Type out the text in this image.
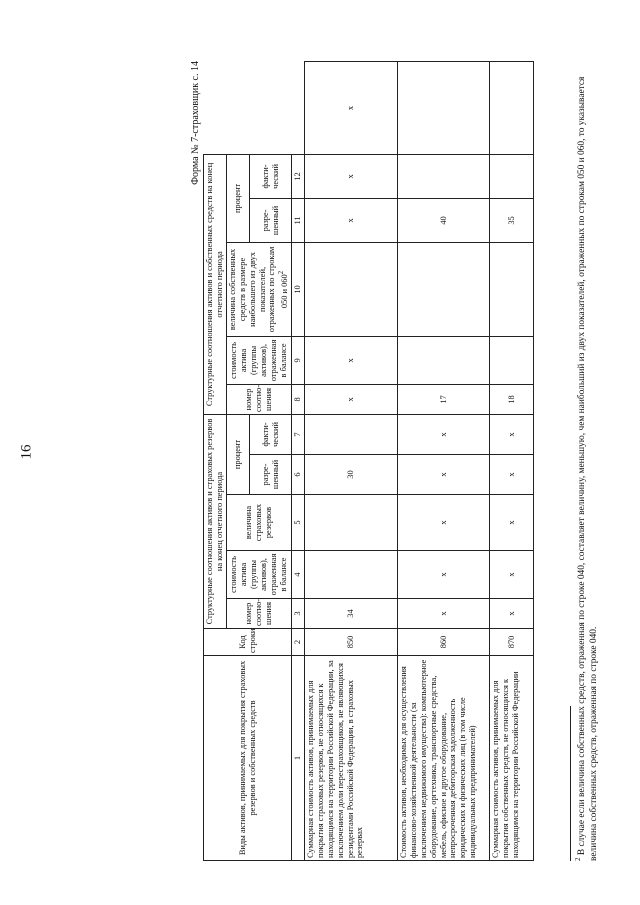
16
Форма № 7-страховщик с. 14
Виды активов, принимаемых для покрытия страховых резервов и собственных средств	Код строки	Структурные соотношения активов и страховых резервов на конец отчетного периода					Структурные соотношения активов и собственных средств на конец отчетного периода					
		номер соотно-шения	стоимость актива (группы активов), отраженная в балансе	величина страховых резервов	процент		номер соотно-шения	стоимость актива (группы активов), отраженная в балансе	величина собственных средств в размере наибольшего из двух показателей, отраженных по строкам 050 и 060$^2$	процент		
					разре-шенный	факти-ческий				разре-шенный	факти-ческий	
1	2	3	4	5	6	7	8	9	10	11	12	
Суммарная стоимость активов, принимаемых для покрытия страховых резервов, не относящихся к находящимся на территории Российской Федерации, за исключением доли перестраховщиков, не являющихся резидентами Российской Федерации, в страховых резервах	850	34			30		х	х		х	х	х
Стоимость активов, необходимых для осуществления финансово-хозяйственной деятельности (за исключением недвижимого имущества): компьютерное оборудование, оргтехника, транспортные средства, мебель, офисное и другое оборудование, непросроченная дебиторская задолженность юридических и физических лиц (в том числе индивидуальных предпринимателей)	860	х	х	х	х	х	17			40		
Суммарная стоимость активов, принимаемых для покрытия собственных средств, не относящихся к находящимся на территории Российской Федерации	870	х	х	х	х	х	18			35		
$^2$ В случае если величина собственных средств, отраженная по строке 040, составляет величину, меньшую, чем наибольший из двух показателей, отраженных по строкам 050 и 060, то указывается величина собственных средств, отраженная по строке 040.
